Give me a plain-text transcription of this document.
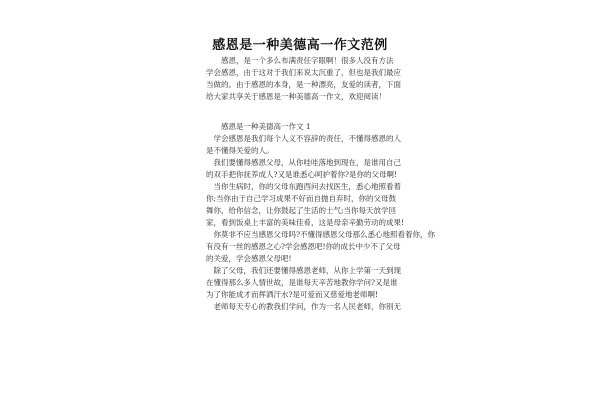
感恩是一种美德高一作文范例
　　感恩，是一个多么布满责任字眼啊！很多人没有方法
学会感恩，由于这对于我们来说太沉重了，但也是我们最应
当做的。由于感恩的本身，是一种漂亮，友爱的读者，下面
给大家共享关于感恩是一种美德高一作文，欢迎阅读！
　　感恩是一种美德高一作文 1
　学会感恩是我们每个人义不容辞的责任，不懂得感恩的人
是不懂得关爱的人。
　我们要懂得感恩父母，从你哇哇落地到现在，是谁用自己
的双手把你抚养成人?又是谁悉心呵护着你?是你的父母啊!
　当你生病时，你的父母东跑西问去找医生，悉心地照看着
你;当你由于自己学习成果不好而自抛自弃时，你的父母鼓
舞你，给你信念，让你鼓起了生活的士气;当你每天放学回
家，看到饭桌上丰富的美味佳肴，这是母亲辛勤劳动的成果!
　你莫非不应当感恩父母吗?不懂得感恩父母那么悉心地照看着你，你
有没有一丝的感恩之心?学会感恩吧!你的成长中少不了父母
的关爱，学会感恩父母吧!
　除了父母，我们还要懂得感恩老师，从你上学第一天到现
在懂得那么多人情世故，是谁每天辛苦地教你学问?又是谁
为了你能成才而挥洒汗水?是可爱而又慈爱地老师啊!
　老师每天专心的教我们学问，作为一名人民老师，你别无
